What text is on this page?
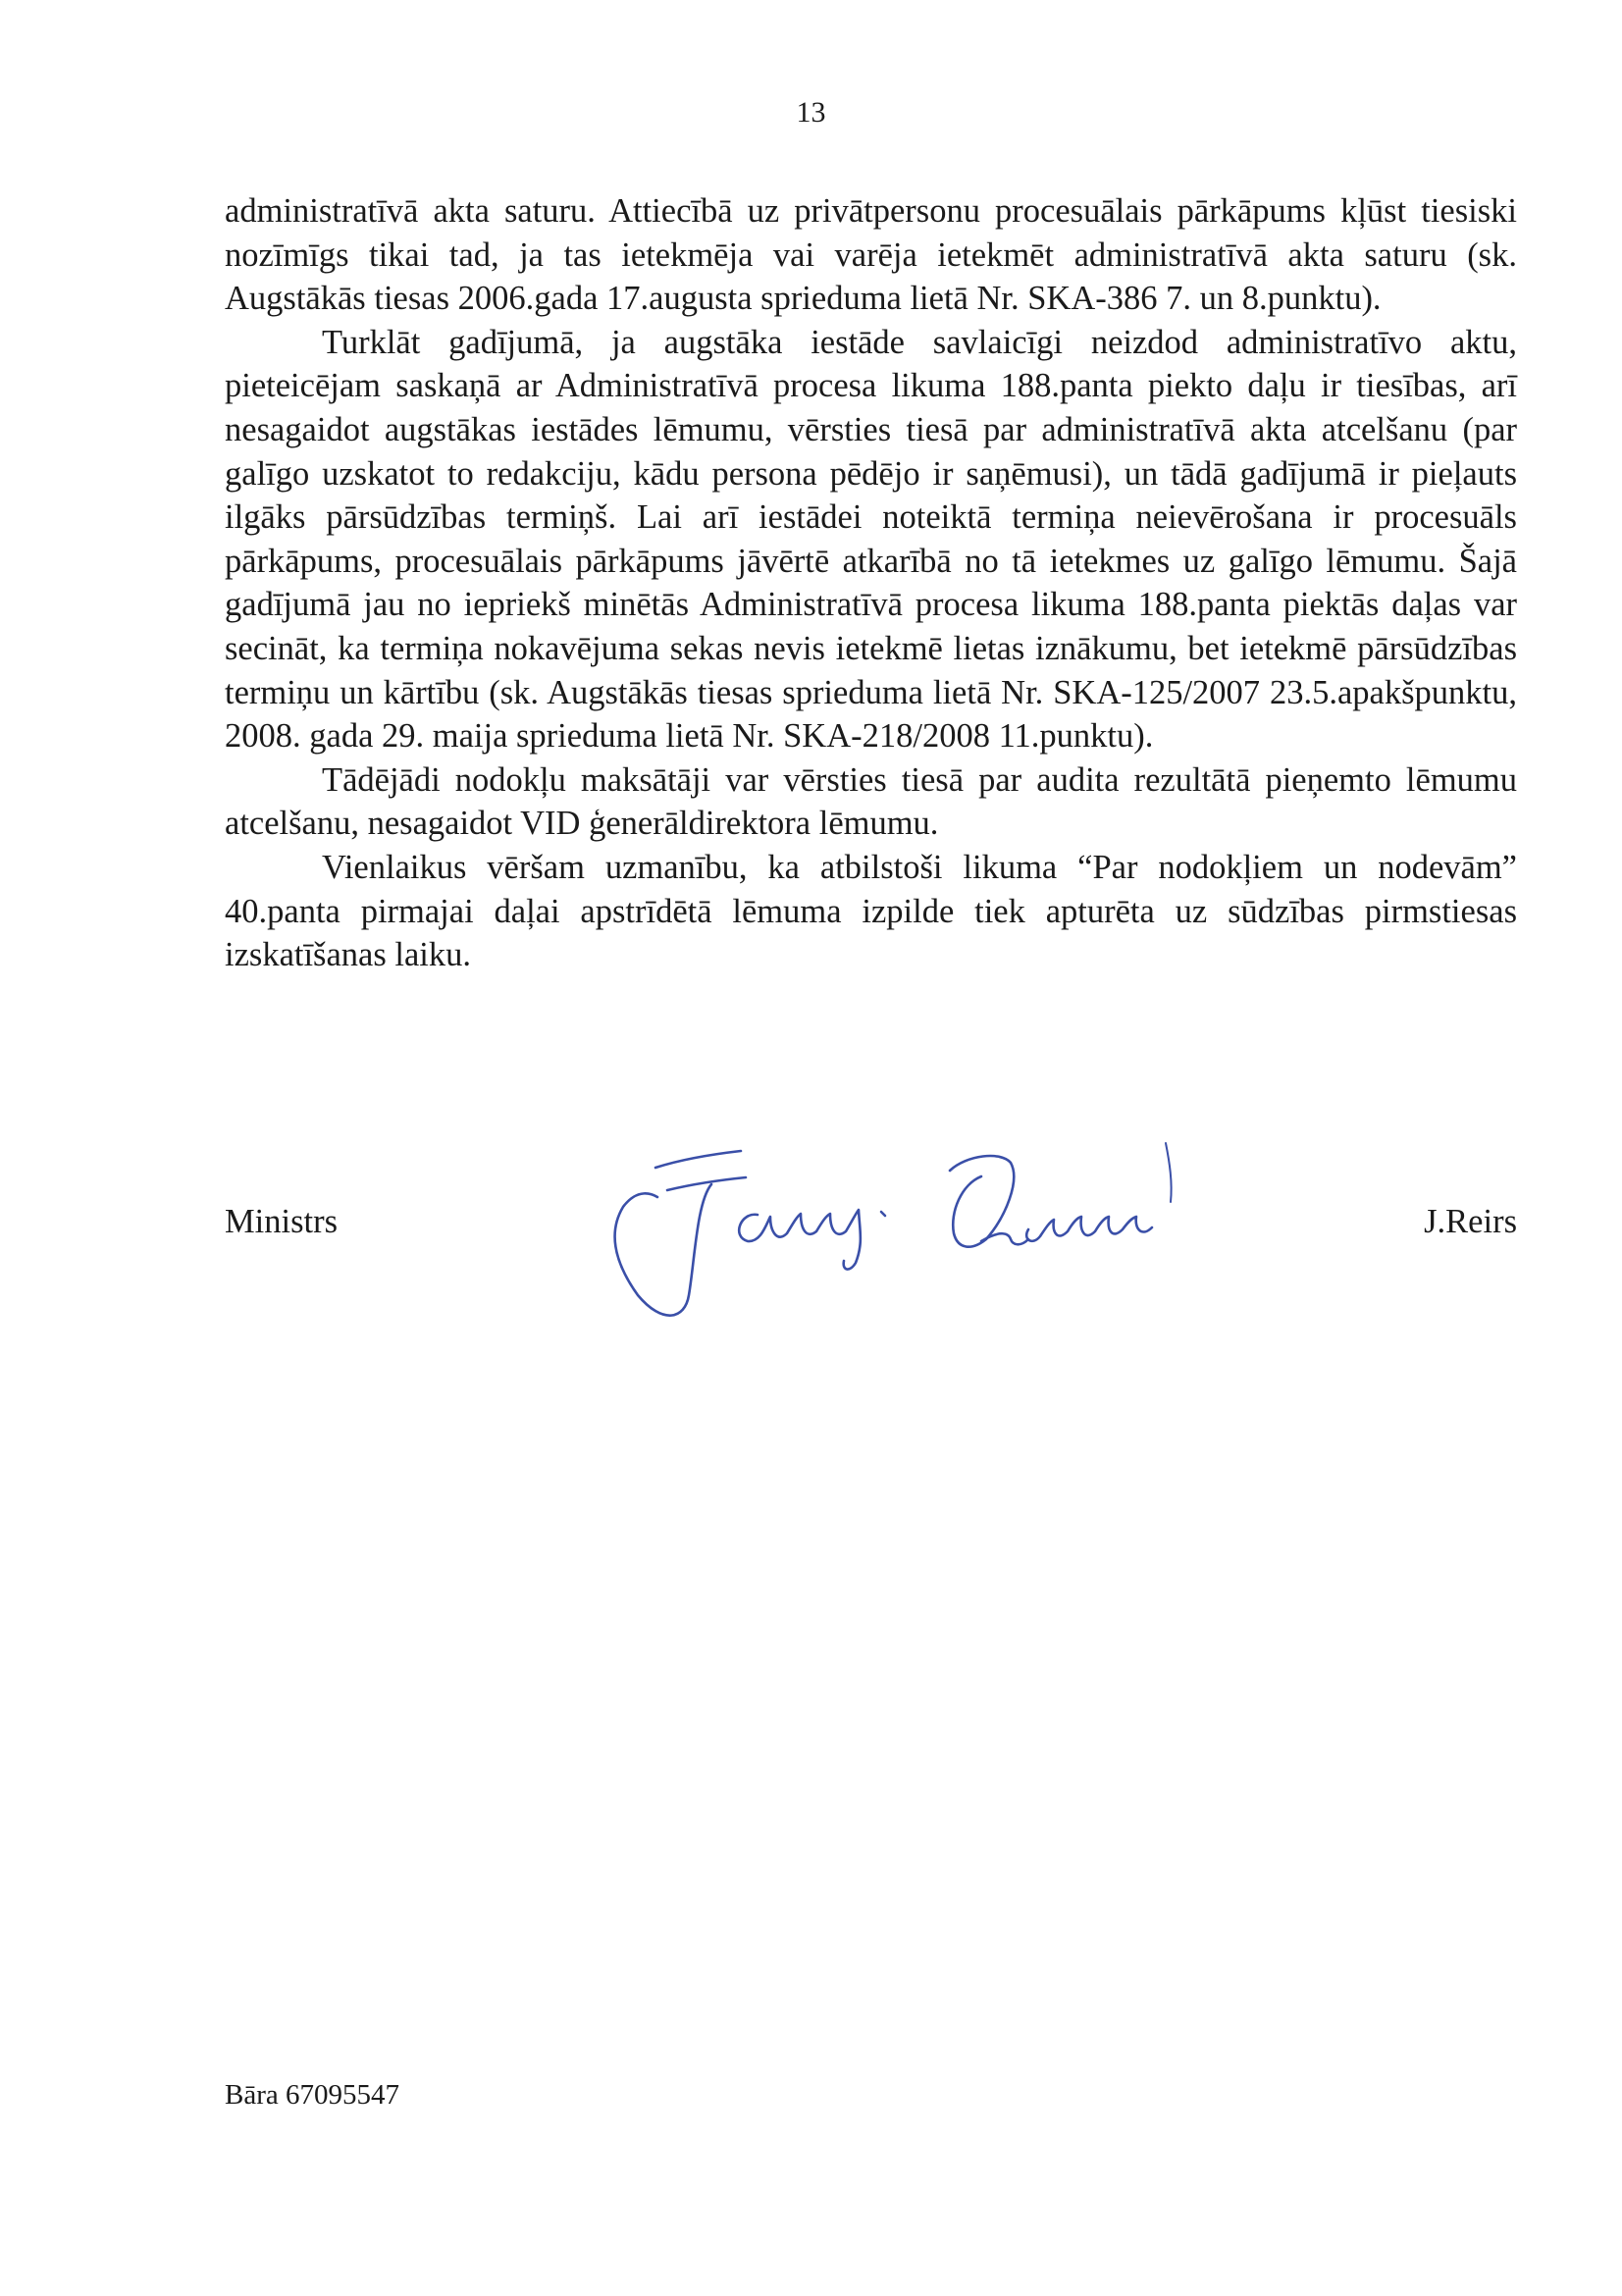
13

administratīvā akta saturu. Attiecībā uz privātpersonu procesuālais pārkāpums kļūst tiesiski nozīmīgs tikai tad, ja tas ietekmēja vai varēja ietekmēt administratīvā akta saturu (sk. Augstākās tiesas 2006.gada 17.augusta sprieduma lietā Nr. SKA-386 7. un 8.punktu).

Turklāt gadījumā, ja augstāka iestāde savlaicīgi neizdod administratīvo aktu, pieteicējam saskaņā ar Administratīvā procesa likuma 188.panta piekto daļu ir tiesības, arī nesagaidot augstākas iestādes lēmumu, vērsties tiesā par administratīvā akta atcelšanu (par galīgo uzskatot to redakciju, kādu persona pēdējo ir saņēmusi), un tādā gadījumā ir pieļauts ilgāks pārsūdzības termiņš. Lai arī iestādei noteiktā termiņa neievērošana ir procesuāls pārkāpums, procesuālais pārkāpums jāvērtē atkarībā no tā ietekmes uz galīgo lēmumu. Šajā gadījumā jau no iepriekš minētās Administratīvā procesa likuma 188.panta piektās daļas var secināt, ka termiņa nokavējuma sekas nevis ietekmē lietas iznākumu, bet ietekmē pārsūdzības termiņu un kārtību (sk. Augstākās tiesas sprieduma lietā Nr. SKA-125/2007 23.5.apakšpunktu, 2008. gada 29. maija sprieduma lietā Nr. SKA-218/2008 11.punktu).

Tādējādi nodokļu maksātāji var vērsties tiesā par audita rezultātā pieņemto lēmumu atcelšanu, nesagaidot VID ģenerāldirektora lēmumu.

Vienlaikus vēršam uzmanību, ka atbilstoši likuma “Par nodokļiem un nodevām” 40.panta pirmajai daļai apstrīdētā lēmuma izpilde tiek apturēta uz sūdzības pirmstiesas izskatīšanas laiku.

Ministrs	J.Reirs
Bāra 67095547
